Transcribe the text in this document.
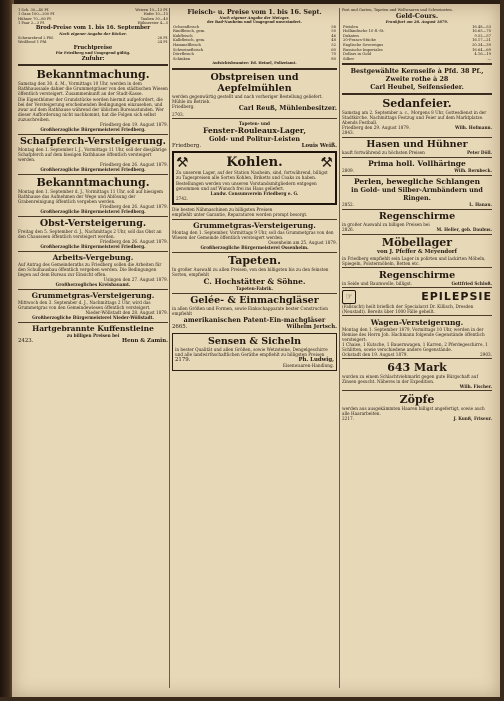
1 Sch. 30—40 Pf.	Weizen 10—13 Pf.
1 Gans 100—200 Pf.	Hafer 10—15
Hühner 70—80 Pf.	Tauben 30—40
1 Paar 2—3 Pf.	Hühnereier 4—5
Brod-Preise vom 1. bis 16. September
Nach eigener Angabe der Bäcker.
Schwarzbrod 2 Pfd.	28 Pf.
Weißbrod 1 Pfd.	24 Pf.
Fruchtpreise
Für Friedberg und Umgegend gültig.
Zufuhr:
Bekanntmachung.
Samstag den 30. d. M., Vormittags 10 Uhr, werden in dem Rathhaussaale dahier die Grummetgräser von den städtischen Wiesen öffentlich versteigert. Zusammenkunft an der Stadt-Kasse.
Die Eigenthümer der Grundstücke werden hiermit aufgefordert, die bei der Versteigerung erscheinenden Bedingungen einzusehen, und zwar auf dem Rathhause während der üblichen Bureaustunden. Wer dieser Aufforderung nicht nachkommt, hat die Folgen sich selbst zuzuschreiben.
Friedberg den 19. August 1879.
Großherzogliche Bürgermeisterei Friedberg.
Schafpferch-Versteigerung.
Montag den 1. September l. J., Vormittags 11 Uhr, soll der diesjährige Schafpferch auf dem hiesigen Rathhause öffentlich versteigert werden.
Friedberg den 26. August 1879.
Großherzogliche Bürgermeisterei Friedberg.
Bekanntmachung.
Montag den 1. September d. J., Vormittags 11 Uhr, soll auf hiesigem Rathhause das Aufnehmen der Wege und Ablösung der Grabenreinigung öffentlich vergeben werden.
Friedberg den 26. August 1879.
Großherzogliche Bürgermeisterei Friedberg.
Obst-Versteigerung.
Freitag den 5. September d. J., Nachmittags 2 Uhr, soll das Obst an den Chausseen öffentlich versteigert werden.
Friedberg den 26. August 1879.
Großherzogliche Bürgermeisterei Friedberg.
Arbeits-Vergebung.
Auf Antrag des Gemeinderaths zu Friedberg sollen die Arbeiten für den Schulhausbau öffentlich vergeben werden. Die Bedingungen liegen auf dem Bureau zur Einsicht offen.
Usingen den 27. August 1879.
Großherzogliches Kreisbauamt.
Grummetgras-Versteigerung.
Mittwoch den 3. September d. J., Nachmittags 2 Uhr, wird das Grummetgras von den Gemeindewiesen öffentlich versteigert.
Nieder-Wöllstadt den 28. August 1879.
Großherzogliche Bürgermeisterei Nieder-Wöllstadt.
Hartgebrannte Kuffenstleine
zu billigen Preisen bei
2423.	Henn & Zamin.
Fleisch- u. Preise vom 1. bis 16. Sept.
Nach eigener Angabe der Metzger.
der Bad-Nauheim und Umgegend unverändert.
Ochsenfleisch	56
Rindfleisch, gem.	50
Kuhfleisch	46
Kalbfleisch, gem.	48
Hammelfleisch	52
Schweinefleisch	60
Dörrfleisch	70
Schinken	80
Aufsichtsbeamter: Ed. Heinel, Polizeiamt.
Obstpreisen und Aepfelmühlen
werden gegenwärtig gestellt und nach vorheriger Bestellung geliefert. Mühle im Betrieb.
Friedberg.	Carl Reuß, Mühlenbesitzer.
2703.
Tapeten- und
Fenster-Rouleaux-Lager,
Gold- und Politur-Leisten
Friedberg.	Louis Weiß.
⚒	Kohlen.	⚒
Zu unserem Lager, auf der Station Nauheim, sind, fortwährend, billigst zu Tagespreisen alle Sorten Kohlen, Briketts und Coaks zu haben.
Bestellungen werden von unseren Vorstandsmitgliedern entgegen genommen und auf Wunsch frei ins Haus geliefert.
Landw. Consumverein Friedberg e. G.
2742.
Die besten Nähmaschinen zu billigsten Preisen
empfiehlt unter Garantie, Reparaturen werden prompt besorgt.
Grummetgras-Versteigerung.
Montag den 1. September, Vormittags 9 Uhr, soll das Grummetgras von den Wiesen der Gemeinde öffentlich versteigert werden.
Ossenheim am 25. August 1879.
Großherzogliche Bürgermeisterei Ossenheim.
Tapeten.
In großer Auswahl zu allen Preisen, von den billigsten bis zu den feinsten Sorten, empfiehlt
C. Hochstätter & Söhne.
Tapeten-Fabrik.
Gelée- & Einmachgläser
in allen Größen und Formen, sowie Einkochapparate bester Construction empfiehlt
amerikanischen Patent-Ein-machgläser
2665.	Wilhelm Jertsch.
Sensen & Sicheln
in bester Qualität und allen Größen, sowie Wetzsteine, Dengelgeschirre und alle landwirthschaftlichen Geräthe empfiehlt zu billigsten Preisen
2179.	Ph. Ludwig,
Eisenwaaren-Handlung.
Post und Garten, Tapeten und Wollwaaren und Schweineten.
Geld-Cours.
Frankfurt am 28. August 1879.
Pistolen	16.48—53
Holländische 10 fl.-St.	16.65—70
Dukaten	9.52—57
20-Francs-Stücke	16.17—21
Englische Sovereigns	20.34—39
Russische Imperiales	16.64—69
Dollars in Gold	4.16—19
Silber	—
Bestgewählte Kernseife à Pfd. 38 Pf.,
Zweite rothe à 28
Carl Heubel, Seifensieder.
Sedanfeier.
Samstag am 2. September a. c., Morgens 8 Uhr, Gottesdienst in der Stadtkirche. Nachmittags Festzug und Feier auf dem Marktplatze. Abends Festball.
Friedberg den 29. August 1879.	Wilh. Hofmann.
2843.
Hasen und Hühner
kauft fortwährend zu höchsten Preisen	Peter Döll.
Prima holl. Vollhäringe
2809.	Wilh. Bernbeck.
Perlen, bewegliche Schlangen
in Gold- und Silber-Armbändern und Ringen.
2852.	L. Hanau.
Regenschirme
in großer Auswahl zu billigen Preisen bei
2826.	M. Heller, geb. Daubus.
Möbellager
von J. Pfeffer & Meyendorf
in Friedberg empfiehlt sein Lager in polirten und lackirten Möbeln, Spiegeln, Polstermöbeln, Betten etc.
Regenschirme
in Seide und Baumwolle, billigst.	Gottfried Schloß.
☞	EPILEPSIE
(Fallsucht) heilt brieflich der Specialarzt Dr. Killisch, Dresden (Neustadt). Bereits über 1000 Fälle geheilt.
Wagen-Versteigerung.
Montag den 1. September 1879, Vormittags 10 Uhr, werden in der Remise des Herrn Joh. Hachmann folgende Gegenstände öffentlich versteigert:
1 Chaise, 1 Kutsche, 1 Bauernwagen, 1 Karren, 2 Pferdegeschirre, 1 Schlitten, sowie verschiedene andere Gegenstände.
Ockstadt den 19. August 1879.	2903.
643 Mark
wurden zu einem Schlachtviehmarkt gegen gute Bürgschaft auf Zinsen gesucht. Näheres in der Expedition.
Wilh. Fischer.
Zöpfe
werden aus ausgekämmten Haaren billigst angefertigt, sowie auch alle Haararbeiten.
2217.	J. Kunß, Friseur.
